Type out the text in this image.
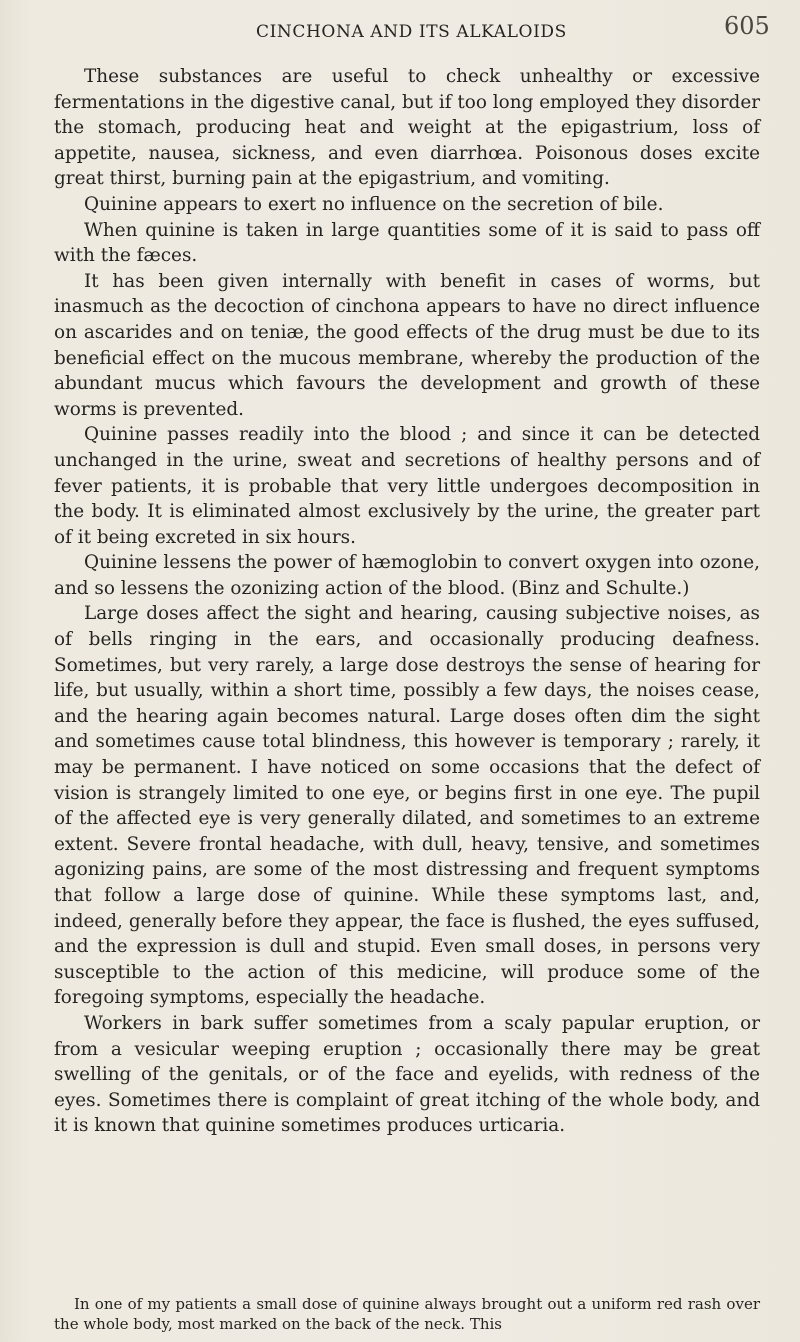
CINCHONA AND ITS ALKALOIDS	605

These substances are useful to check unhealthy or excessive fermentations in the digestive canal, but if too long employed they disorder the stomach, producing heat and weight at the epigastrium, loss of appetite, nausea, sickness, and even diarrhœa. Poisonous doses excite great thirst, burning pain at the epigastrium, and vomiting.

Quinine appears to exert no influence on the secretion of bile.

When quinine is taken in large quantities some of it is said to pass off with the fæces.

It has been given internally with benefit in cases of worms, but inasmuch as the decoction of cinchona appears to have no direct influence on ascarides and on teniæ, the good effects of the drug must be due to its beneficial effect on the mucous membrane, whereby the production of the abundant mucus which favours the development and growth of these worms is prevented.

Quinine passes readily into the blood ; and since it can be detected unchanged in the urine, sweat and secretions of healthy persons and of fever patients, it is probable that very little undergoes decomposition in the body. It is eliminated almost exclusively by the urine, the greater part of it being excreted in six hours.

Quinine lessens the power of hæmoglobin to convert oxygen into ozone, and so lessens the ozonizing action of the blood. (Binz and Schulte.)

Large doses affect the sight and hearing, causing subjective noises, as of bells ringing in the ears, and occasionally producing deafness. Sometimes, but very rarely, a large dose destroys the sense of hearing for life, but usually, within a short time, possibly a few days, the noises cease, and the hearing again becomes natural. Large doses often dim the sight and sometimes cause total blindness, this however is temporary ; rarely, it may be permanent. I have noticed on some occasions that the defect of vision is strangely limited to one eye, or begins first in one eye. The pupil of the affected eye is very generally dilated, and sometimes to an extreme extent. Severe frontal headache, with dull, heavy, tensive, and sometimes agonizing pains, are some of the most distressing and frequent symptoms that follow a large dose of quinine. While these symptoms last, and, indeed, generally before they appear, the face is flushed, the eyes suffused, and the expression is dull and stupid. Even small doses, in persons very susceptible to the action of this medicine, will produce some of the foregoing symptoms, especially the headache.

Workers in bark suffer sometimes from a scaly papular eruption, or from a vesicular weeping eruption ; occasionally there may be great swelling of the genitals, or of the face and eyelids, with redness of the eyes. Sometimes there is complaint of great itching of the whole body, and it is known that quinine sometimes produces urticaria.

In one of my patients a small dose of quinine always brought out a uniform red rash over the whole body, most marked on the back of the neck. This
